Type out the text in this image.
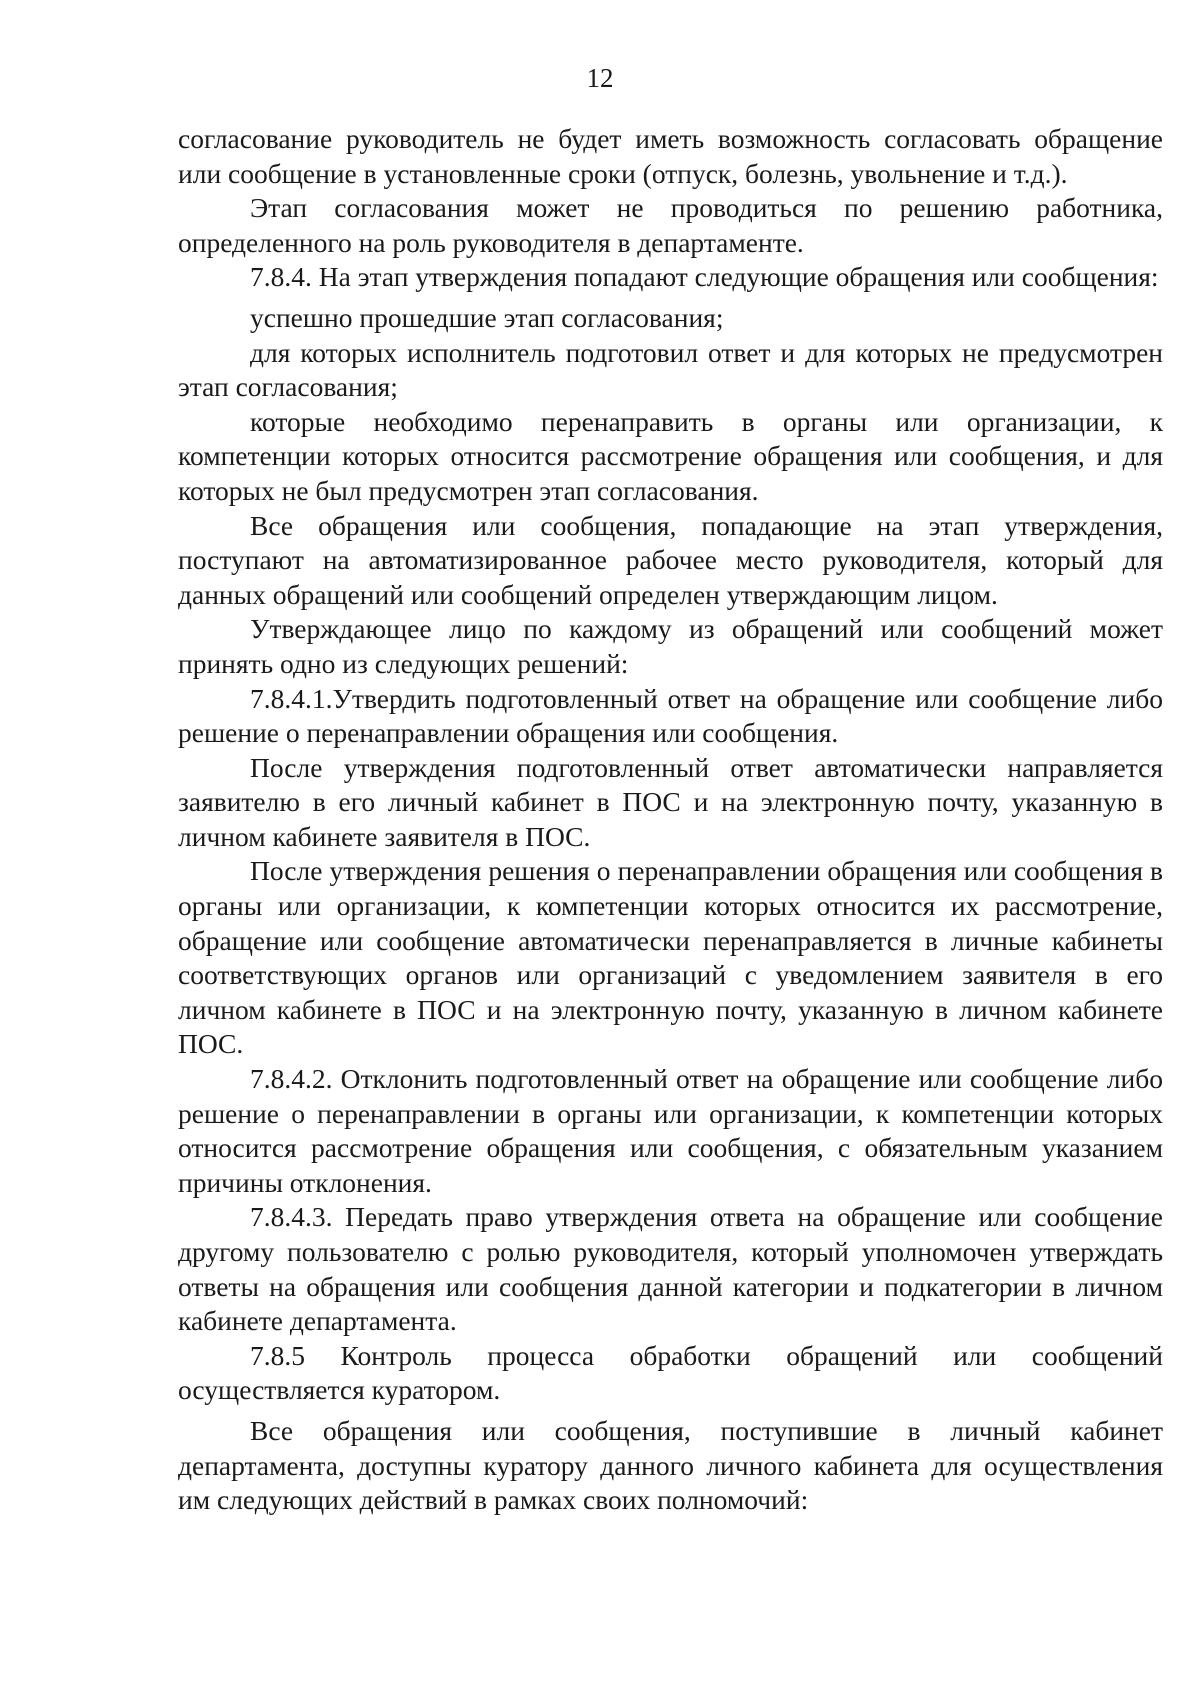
12

согласование руководитель не будет иметь возможность согласовать обращение или сообщение в установленные сроки (отпуск, болезнь, увольнение и т.д.).

Этап согласования может не проводиться по решению работника, определенного на роль руководителя в департаменте.

7.8.4. На этап утверждения попадают следующие обращения или сообщения:

успешно прошедшие этап согласования;

для которых исполнитель подготовил ответ и для которых не предусмотрен этап согласования;

которые необходимо перенаправить в органы или организации, к компетенции которых относится рассмотрение обращения или сообщения, и для которых не был предусмотрен этап согласования.

Все обращения или сообщения, попадающие на этап утверждения, поступают на автоматизированное рабочее место руководителя, который для данных обращений или сообщений определен утверждающим лицом.

Утверждающее лицо по каждому из обращений или сообщений может принять одно из следующих решений:

7.8.4.1.Утвердить подготовленный ответ на обращение или сообщение либо решение о перенаправлении обращения или сообщения.

После утверждения подготовленный ответ автоматически направляется заявителю в его личный кабинет в ПОС и на электронную почту, указанную в личном кабинете заявителя в ПОС.

После утверждения решения о перенаправлении обращения или сообщения в органы или организации, к компетенции которых относится их рассмотрение, обращение или сообщение автоматически перенаправляется в личные кабинеты соответствующих органов или организаций с уведомлением заявителя в его личном кабинете в ПОС и на электронную почту, указанную в личном кабинете ПОС.

7.8.4.2. Отклонить подготовленный ответ на обращение или сообщение либо решение о перенаправлении в органы или организации, к компетенции которых относится рассмотрение обращения или сообщения, с обязательным указанием причины отклонения.

7.8.4.3. Передать право утверждения ответа на обращение или сообщение другому пользователю с ролью руководителя, который уполномочен утверждать ответы на обращения или сообщения данной категории и подкатегории в личном кабинете департамента.

7.8.5 Контроль процесса обработки обращений или сообщений осуществляется куратором.

Все обращения или сообщения, поступившие в личный кабинет департамента, доступны куратору данного личного кабинета для осуществления им следующих действий в рамках своих полномочий:
